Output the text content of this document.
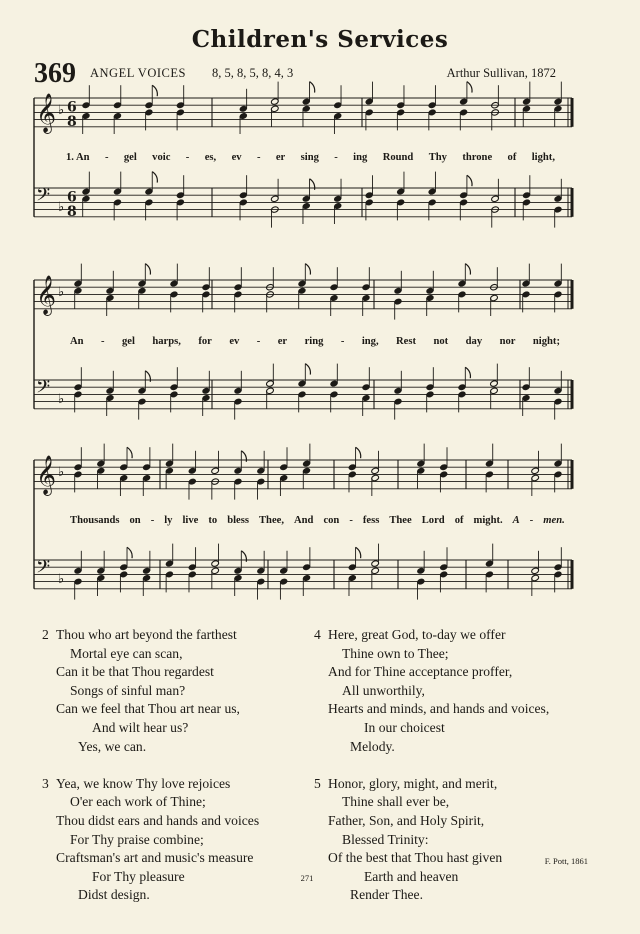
Children's Services
369 ANGEL VOICES 8, 5, 8, 5, 8, 4, 3	Arthur Sullivan, 1872
𝄞 ♭ 6
8
𝄢 ♭
6
8
𝄞 ♭
𝄢 ♭
𝄞 ♭
𝄢 ♭
1. An - gel voic - es, ev - er sing - ing Round Thy throne of light,
An - gel harps, for ev - er ring - ing, Rest not day nor night;
Thousands on - ly live to bless Thee, And con - fess Thee Lord of might. A - men.
2 Thou who art beyond the farthest
Mortal eye can scan,
Can it be that Thou regardest
Songs of sinful man?
Can we feel that Thou art near us,
And wilt hear us?
Yes, we can.
3 Yea, we know Thy love rejoices
O'er each work of Thine;
Thou didst ears and hands and voices
For Thy praise combine;
Craftsman's art and music's measure
For Thy pleasure
Didst design.
4 Here, great God, to-day we offer
Thine own to Thee;
And for Thine acceptance proffer,
All unworthily,
Hearts and minds, and hands and voices,
In our choicest
Melody.
5 Honor, glory, might, and merit,
Thine shall ever be,
Father, Son, and Holy Spirit,
Blessed Trinity:
Of the best that Thou hast given
Earth and heaven
Render Thee.
F. Pott, 1861
271
